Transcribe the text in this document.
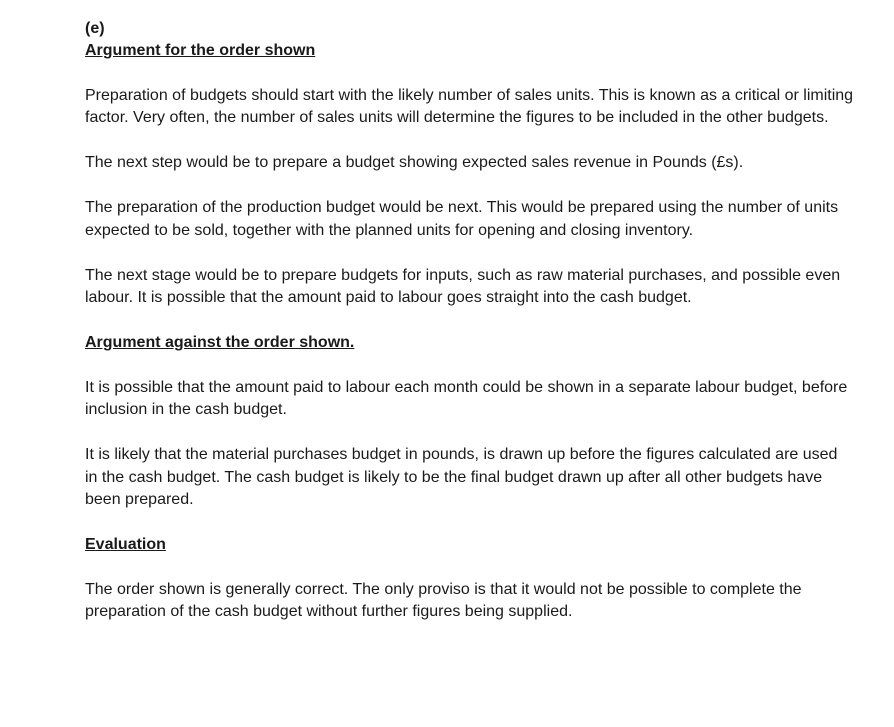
(e)
Argument for the order shown

Preparation of budgets should start with the likely number of sales units. This is known as a critical or limiting factor. Very often, the number of sales units will determine the figures to be included in the other budgets.

The next step would be to prepare a budget showing expected sales revenue in Pounds (£s).

The preparation of the production budget would be next. This would be prepared using the number of units expected to be sold, together with the planned units for opening and closing inventory.

The next stage would be to prepare budgets for inputs, such as raw material purchases, and possible even labour. It is possible that the amount paid to labour goes straight into the cash budget.

Argument against the order shown.

It is possible that the amount paid to labour each month could be shown in a separate labour budget, before inclusion in the cash budget.

It is likely that the material purchases budget in pounds, is drawn up before the figures calculated are used in the cash budget. The cash budget is likely to be the final budget drawn up after all other budgets have been prepared.

Evaluation

The order shown is generally correct. The only proviso is that it would not be possible to complete the preparation of the cash budget without further figures being supplied.
